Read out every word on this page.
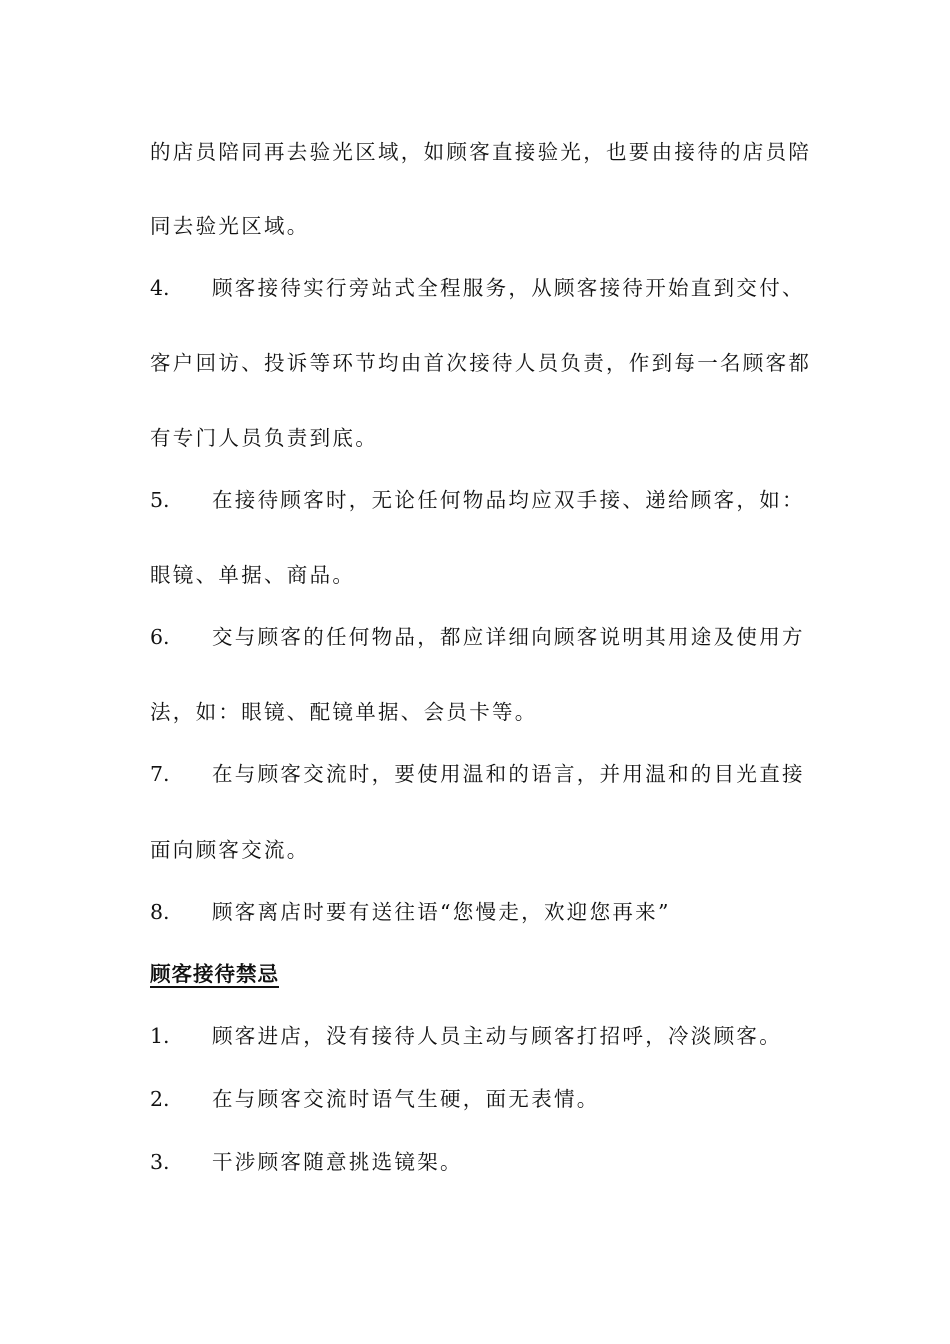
的店员陪同再去验光区域，如顾客直接验光，也要由接待的店员陪
同去验光区域。
4. 顾客接待实行旁站式全程服务，从顾客接待开始直到交付、
客户回访、投诉等环节均由首次接待人员负责，作到每一名顾客都
有专门人员负责到底。
5. 在接待顾客时，无论任何物品均应双手接、递给顾客，如：
眼镜、单据、商品。
6. 交与顾客的任何物品，都应详细向顾客说明其用途及使用方
法，如：眼镜、配镜单据、会员卡等。
7. 在与顾客交流时，要使用温和的语言，并用温和的目光直接
面向顾客交流。
8. 顾客离店时要有送往语“您慢走，欢迎您再来”
顾客接待禁忌
1. 顾客进店，没有接待人员主动与顾客打招呼，冷淡顾客。
2. 在与顾客交流时语气生硬，面无表情。
3. 干涉顾客随意挑选镜架。
